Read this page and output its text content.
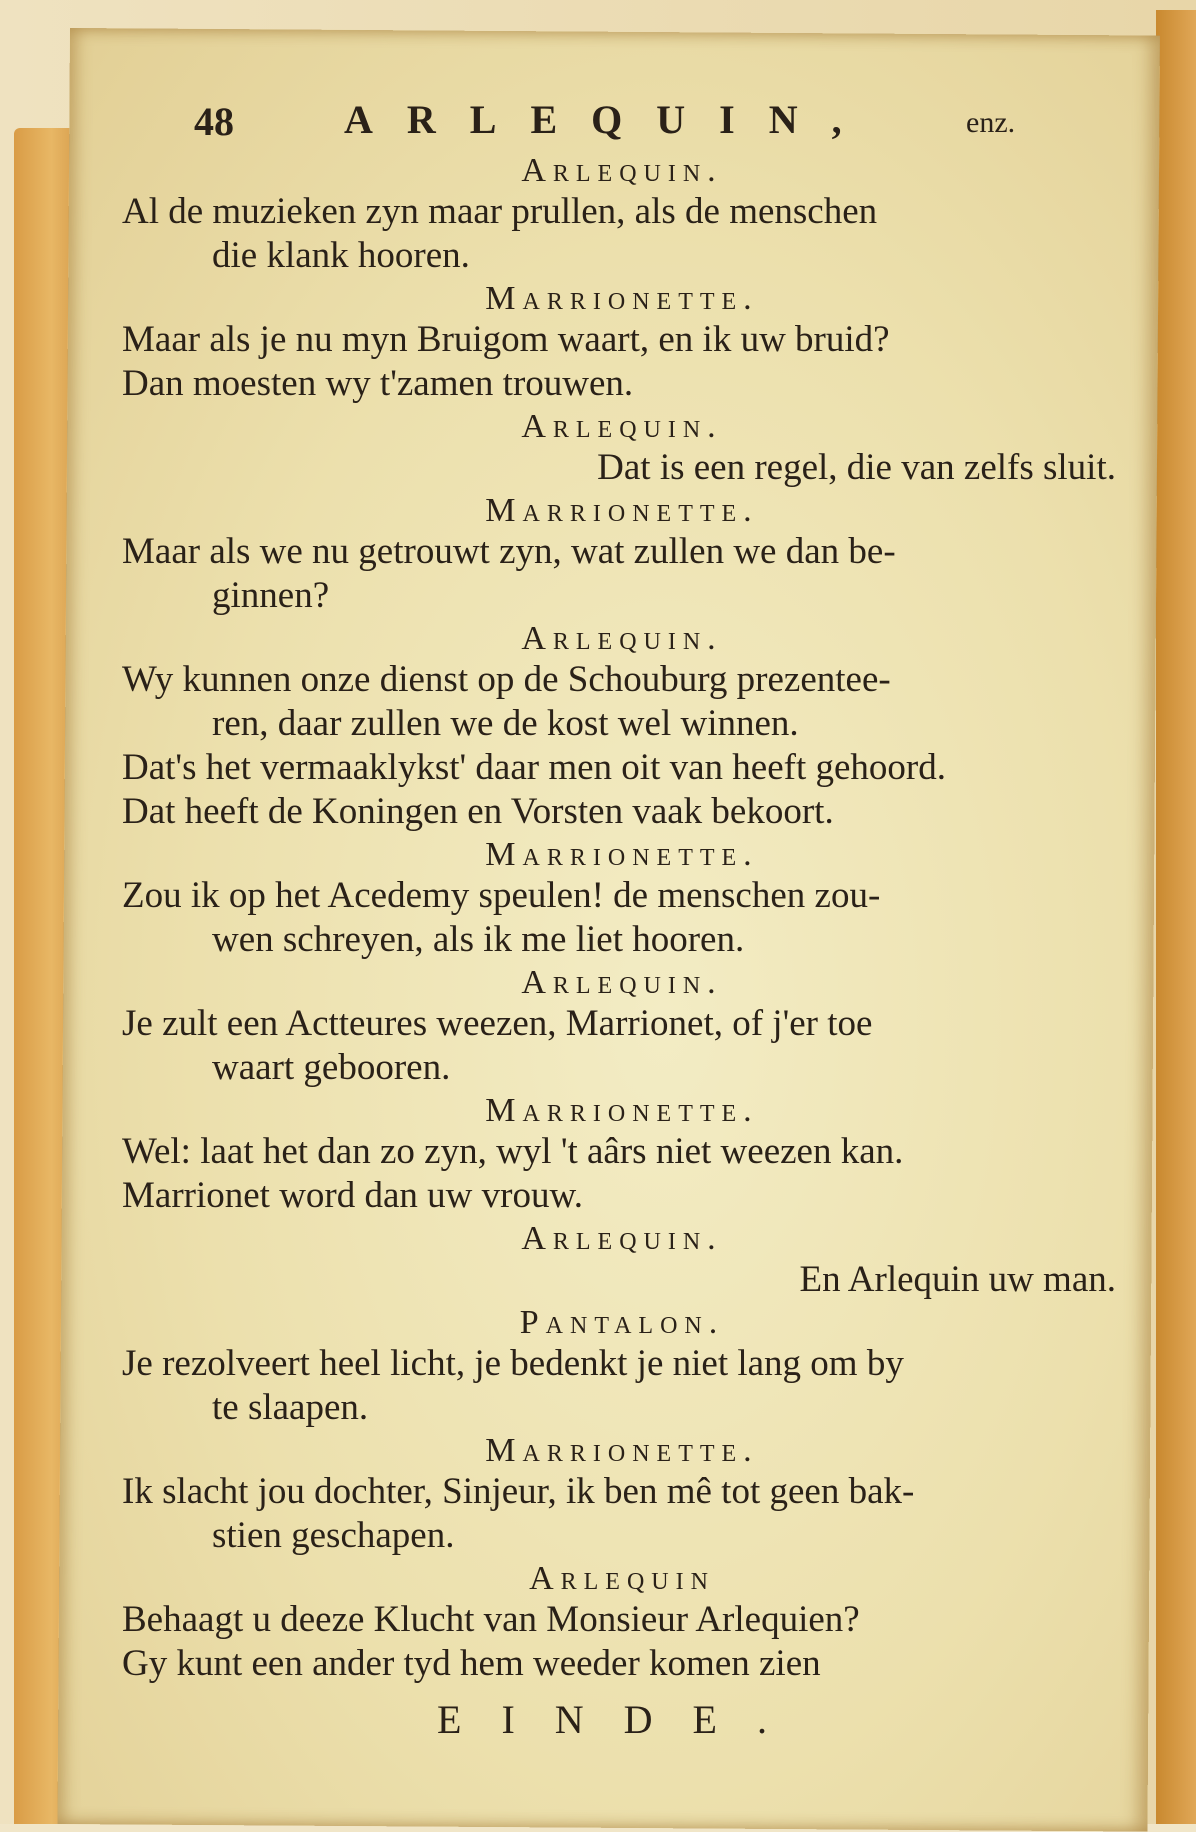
48	ARLEQUIN,	enz.
Arlequin.
Al de muzieken zyn maar prullen, als de menschen
die klank hooren.
Marrionette.
Maar als je nu myn Bruigom waart, en ik uw bruid?
Dan moesten wy t'zamen trouwen.
Arlequin.
Dat is een regel, die van zelfs sluit.
Marrionette.
Maar als we nu getrouwt zyn, wat zullen we dan be-
ginnen?
Arlequin.
Wy kunnen onze dienst op de Schouburg prezentee-
ren, daar zullen we de kost wel winnen.
Dat's het vermaaklykst' daar men oit van heeft gehoord.
Dat heeft de Koningen en Vorsten vaak bekoort.
Marrionette.
Zou ik op het Acedemy speulen! de menschen zou-
wen schreyen, als ik me liet hooren.
Arlequin.
Je zult een Actteures weezen, Marrionet, of j'er toe
waart gebooren.
Marrionette.
Wel: laat het dan zo zyn, wyl 't aârs niet weezen kan.
Marrionet word dan uw vrouw.
Arlequin.
En Arlequin uw man.
Pantalon.
Je rezolveert heel licht, je bedenkt je niet lang om by
te slaapen.
Marrionette.
Ik slacht jou dochter, Sinjeur, ik ben mê tot geen bak-
stien geschapen.
Arlequin
Behaagt u deeze Klucht van Monsieur Arlequien?
Gy kunt een ander tyd hem weeder komen zien
EINDE.
